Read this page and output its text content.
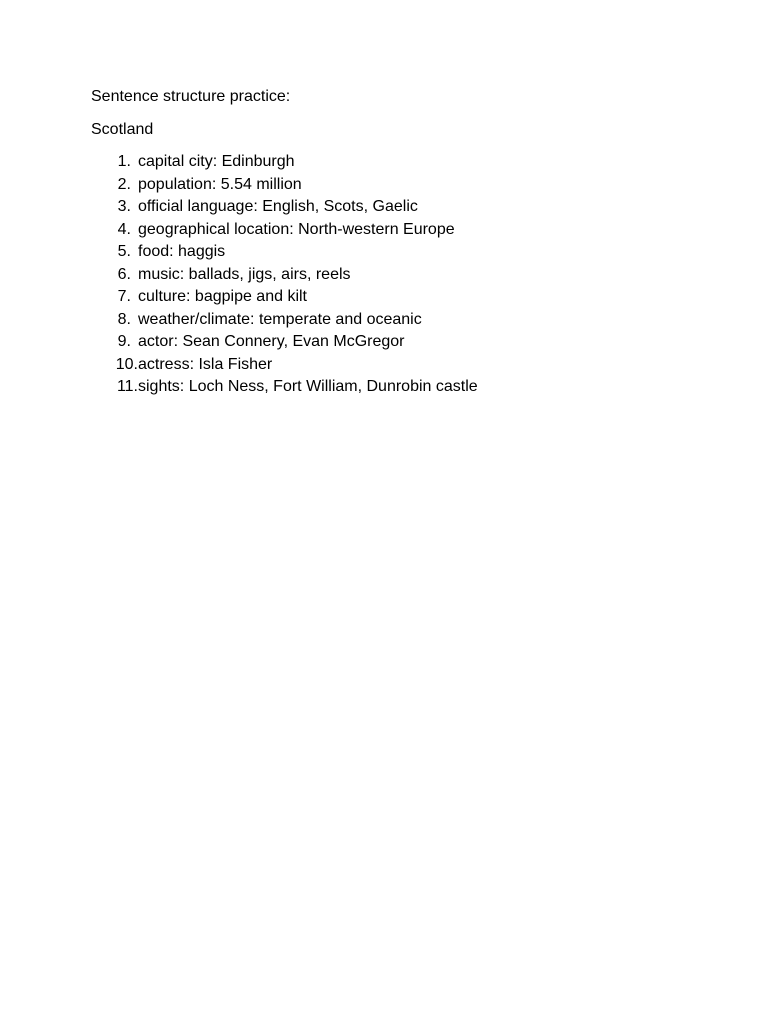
Sentence structure practice:

Scotland

1. capital city: Edinburgh
2. population: 5.54 million
3. official language: English, Scots, Gaelic
4. geographical location: North-western Europe
5. food: haggis
6. music: ballads, jigs, airs, reels
7. culture: bagpipe and kilt
8. weather/climate: temperate and oceanic
9. actor: Sean Connery, Evan McGregor
10. actress: Isla Fisher
11. sights: Loch Ness, Fort William, Dunrobin castle
